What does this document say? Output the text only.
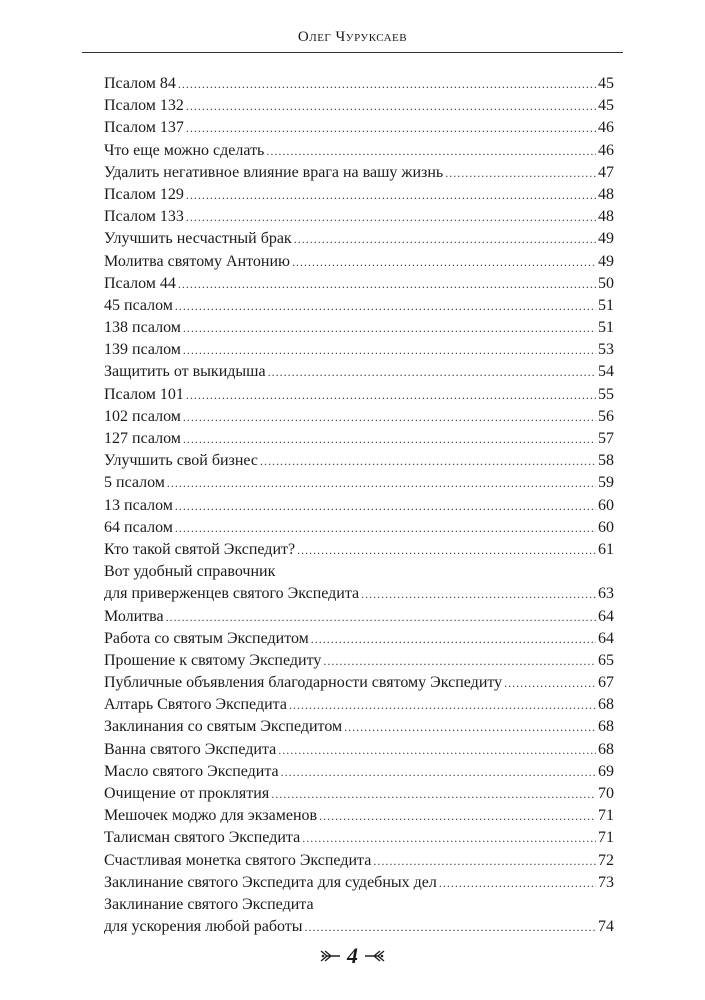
Олег Чуруксаев
Псалом 84 .....	45
Псалом 132 .....	45
Псалом 137 .....	46
Что еще можно сделать .....	46
Удалить негативное влияние врага на вашу жизнь .....	47
Псалом 129 .....	48
Псалом 133 .....	48
Улучшить несчастный брак .....	49
Молитва святому Антонию .....	49
Псалом 44 .....	50
45 псалом .....	51
138 псалом .....	51
139 псалом .....	53
Защитить от выкидыша .....	54
Псалом 101 .....	55
102 псалом .....	56
127 псалом .....	57
Улучшить свой бизнес .....	58
5 псалом .....	59
13 псалом .....	60
64 псалом .....	60
Кто такой святой Экспедит? .....	61
Вот удобный справочник
для приверженцев святого Экспедита .....	63
Молитва .....	64
Работа со святым Экспедитом .....	64
Прошение к святому Экспедиту .....	65
Публичные объявления благодарности святому Экспедиту .....	67
Алтарь Святого Экспедита .....	68
Заклинания со святым Экспедитом .....	68
Ванна святого Экспедита .....	68
Масло святого Экспедита .....	69
Очищение от проклятия .....	70
Мешочек моджо для экзаменов .....	71
Талисман святого Экспедита .....	71
Счастливая монетка святого Экспедита .....	72
Заклинание святого Экспедита для судебных дел .....	73
Заклинание святого Экспедита
для ускорения любой работы .....	74
4
